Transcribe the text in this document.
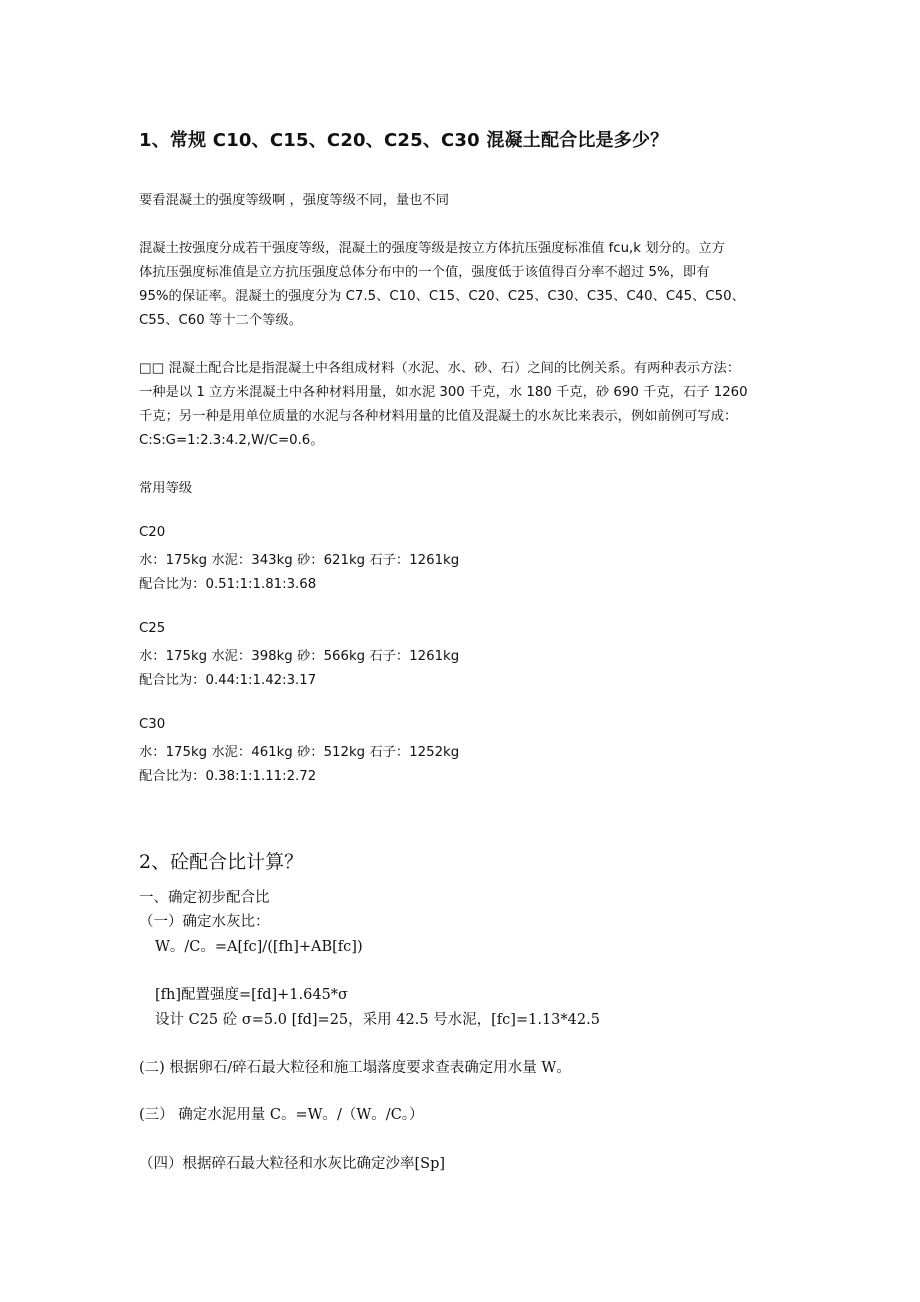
1、常规 C10、C15、C20、C25、C30 混凝土配合比是多少？
要看混凝土的强度等级啊 ，强度等级不同，量也不同
混凝土按强度分成若干强度等级，混凝土的强度等级是按立方体抗压强度标准值 fcu,k 划分的。立方
体抗压强度标准值是立方抗压强度总体分布中的一个值，强度低于该值得百分率不超过 5%，即有
95%的保证率。混凝土的强度分为 C7.5、C10、C15、C20、C25、C30、C35、C40、C45、C50、
C55、C60 等十二个等级。
□□ 混凝土配合比是指混凝土中各组成材料（水泥、水、砂、石）之间的比例关系。有两种表示方法：
一种是以 1 立方米混凝土中各种材料用量，如水泥 300 千克，水 180 千克，砂 690 千克，石子 1260
千克；另一种是用单位质量的水泥与各种材料用量的比值及混凝土的水灰比来表示，例如前例可写成：
C:S:G=1:2.3:4.2,W/C=0.6。
常用等级
C20
水：175kg 水泥：343kg 砂：621kg 石子：1261kg
配合比为：0.51:1:1.81:3.68
C25
水：175kg 水泥：398kg 砂：566kg 石子：1261kg
配合比为：0.44:1:1.42:3.17
C30
水：175kg 水泥：461kg 砂：512kg 石子：1252kg
配合比为：0.38:1:1.11:2.72
2、砼配合比计算？
一、确定初步配合比
（一）确定水灰比：
W。/C。=A[fc]/([fh]+AB[fc])
[fh]配置强度=[fd]+1.645*σ
设计 C25 砼 σ=5.0 [fd]=25，采用 42.5 号水泥，[fc]=1.13*42.5
(二) 根据卵石/碎石最大粒径和施工塌落度要求查表确定用水量 W。
(三） 确定水泥用量 C。=W。/（W。/C。）
（四）根据碎石最大粒径和水灰比确定沙率[Sp]
